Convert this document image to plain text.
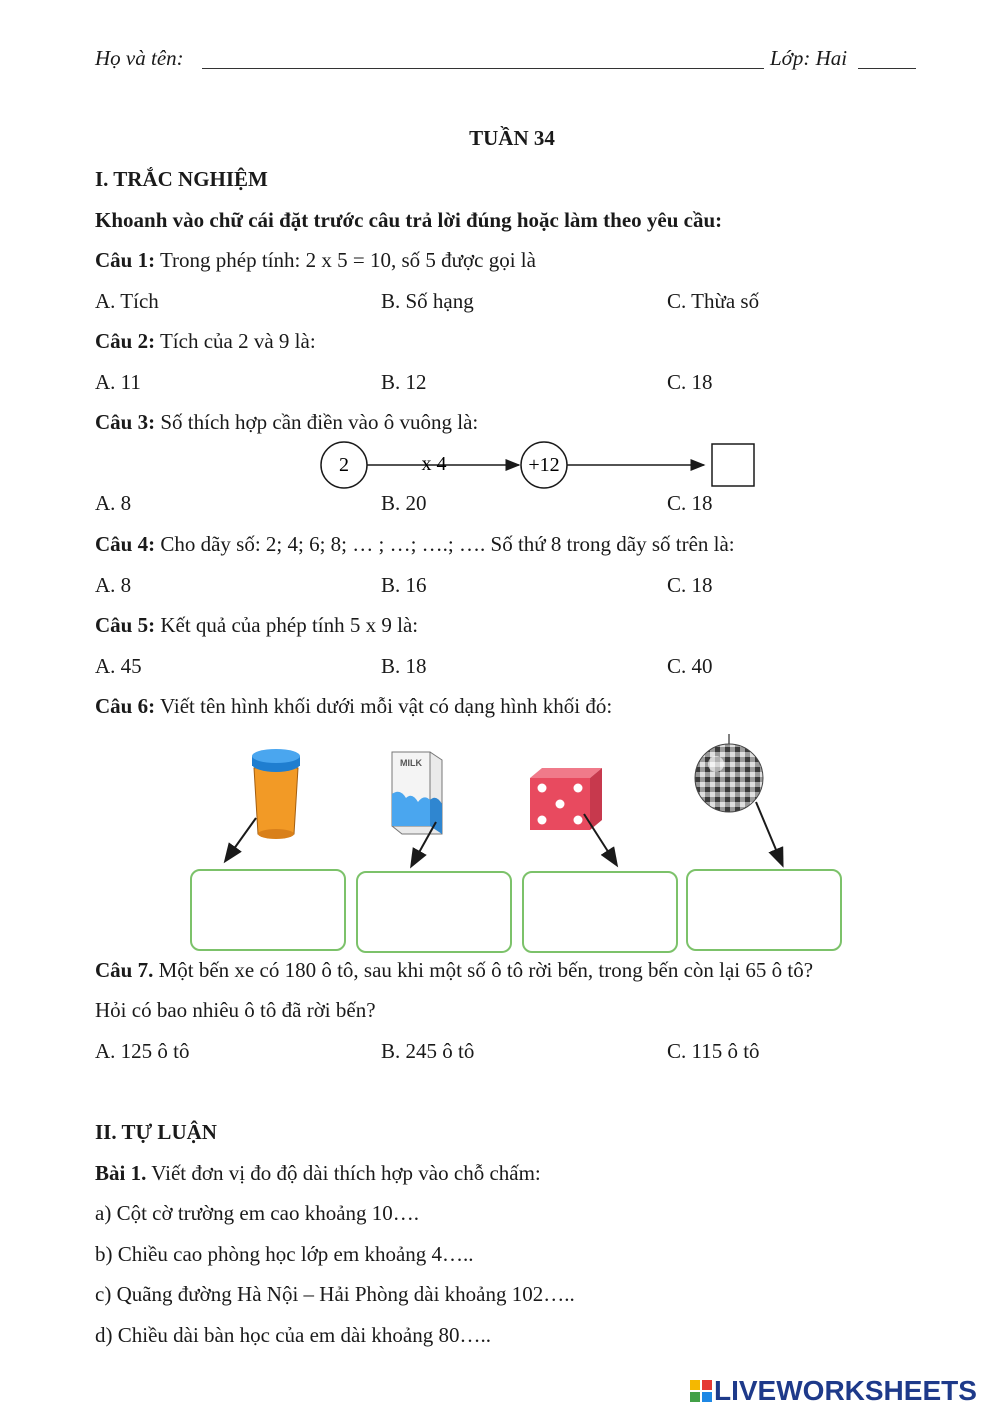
Họ và tên:	Lớp: Hai
TUẦN 34
I. TRẮC NGHIỆM
Khoanh vào chữ cái đặt trước câu trả lời đúng hoặc làm theo yêu cầu:
Câu 1: Trong phép tính: 2 x 5 = 10, số 5 được gọi là
A. Tích	B. Số hạng	C. Thừa số
Câu 2: Tích của 2 và 9 là:
A. 11	B. 12	C. 18
Câu 3: Số thích hợp cần điền vào ô vuông là:
2	x 4	+12
A. 8	B. 20	C. 18
Câu 4: Cho dãy số: 2; 4; 6; 8; … ; …; ….; …. Số thứ 8 trong dãy số trên là:
A. 8	B. 16	C. 18
Câu 5: Kết quả của phép tính 5 x 9 là:
A. 45	B. 18	C. 40
Câu 6: Viết tên hình khối dưới mỗi vật có dạng hình khối đó:
MILK
Câu 7. Một bến xe có 180 ô tô, sau khi một số ô tô rời bến, trong bến còn lại 65 ô tô?
Hỏi có bao nhiêu ô tô đã rời bến?
A. 125 ô tô	B. 245 ô tô	C. 115 ô tô
II. TỰ LUẬN
Bài 1. Viết đơn vị đo độ dài thích hợp vào chỗ chấm:
a) Cột cờ trường em cao khoảng 10….
b) Chiều cao phòng học lớp em khoảng 4…..
c) Quãng đường Hà Nội – Hải Phòng dài khoảng 102…..
d) Chiều dài bàn học của em dài khoảng 80…..
LIVEWORKSHEETS
